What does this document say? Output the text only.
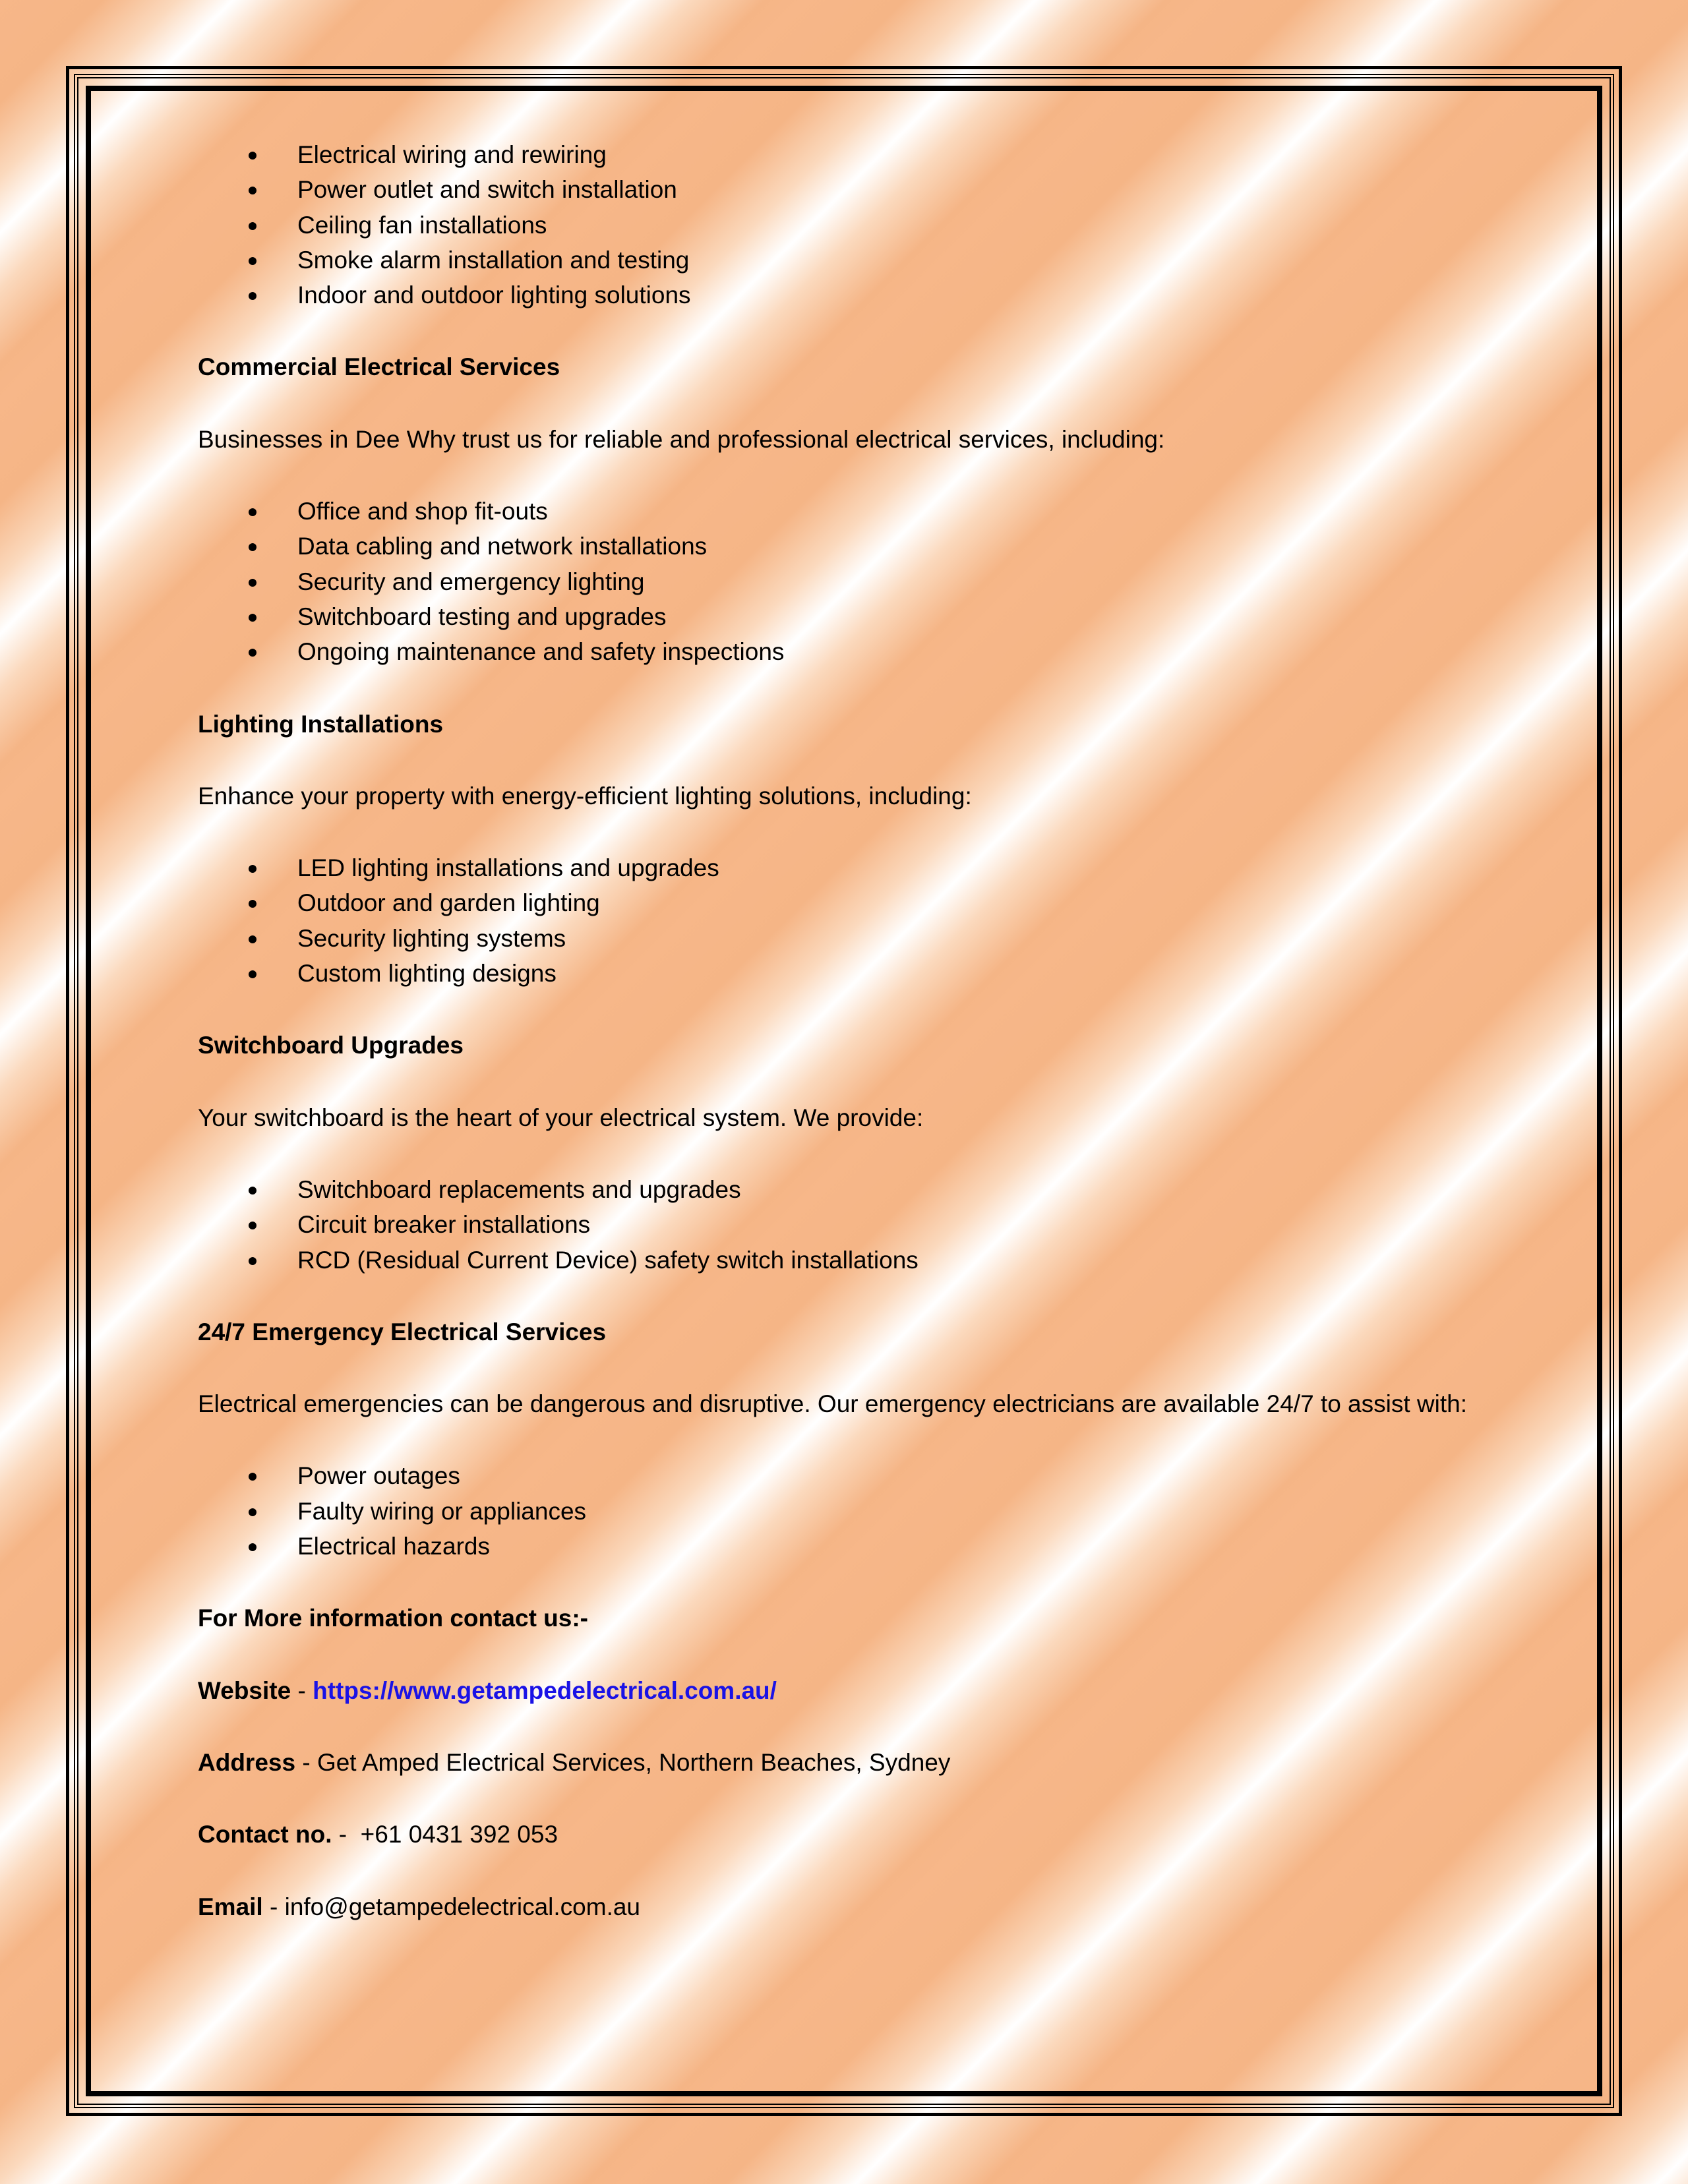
Electrical wiring and rewiring
Power outlet and switch installation
Ceiling fan installations
Smoke alarm installation and testing
Indoor and outdoor lighting solutions

Commercial Electrical Services

Businesses in Dee Why trust us for reliable and professional electrical services, including:

Office and shop fit-outs
Data cabling and network installations
Security and emergency lighting
Switchboard testing and upgrades
Ongoing maintenance and safety inspections

Lighting Installations

Enhance your property with energy-efficient lighting solutions, including:

LED lighting installations and upgrades
Outdoor and garden lighting
Security lighting systems
Custom lighting designs

Switchboard Upgrades

Your switchboard is the heart of your electrical system. We provide:

Switchboard replacements and upgrades
Circuit breaker installations
RCD (Residual Current Device) safety switch installations

24/7 Emergency Electrical Services

Electrical emergencies can be dangerous and disruptive. Our emergency electricians are available 24/7 to assist with:

Power outages
Faulty wiring or appliances
Electrical hazards

For More information contact us:-

Website - https://www.getampedelectrical.com.au/

Address - Get Amped Electrical Services, Northern Beaches, Sydney

Contact no. -  +61 0431 392 053

Email - info@getampedelectrical.com.au
